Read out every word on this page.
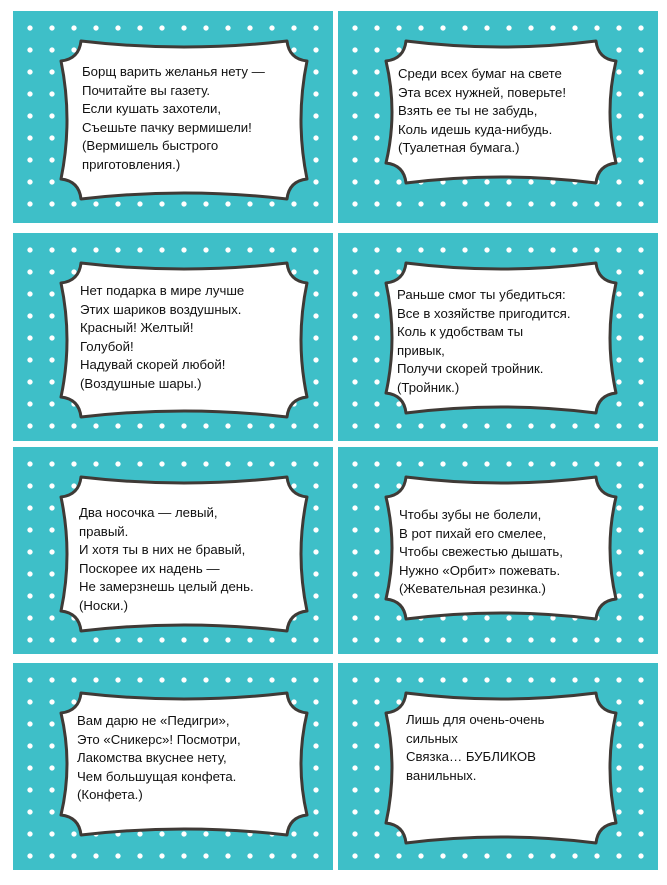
Борщ варить желанья нету —
Почитайте вы газету.
Если кушать захотели,
Съешьте пачку вермишели!
(Вермишель быстрого
приготовления.)
Среди всех бумаг на свете
Эта всех нужней, поверьте!
Взять ее ты не забудь,
Коль идешь куда-нибудь.
(Туалетная бумага.)
Нет подарка в мире лучше
Этих шариков воздушных.
Красный! Желтый!
Голубой!
Надувай скорей любой!
(Воздушные шары.)
Раньше смог ты убедиться:
Все в хозяйстве пригодится.
Коль к удобствам ты
привык,
Получи скорей тройник.
(Тройник.)
Два носочка — левый,
правый.
И хотя ты в них не бравый,
Поскорее их надень —
Не замерзнешь целый день.
(Носки.)
Чтобы зубы не болели,
В рот пихай его смелее,
Чтобы свежестью дышать,
Нужно «Орбит» пожевать.
(Жевательная резинка.)
Вам дарю не «Педигри»,
Это «Сникерс»! Посмотри,
Лакомства вкуснее нету,
Чем большущая конфета.
(Конфета.)
Лишь для очень-очень
сильных
Связка… БУБЛИКОВ
ванильных.
